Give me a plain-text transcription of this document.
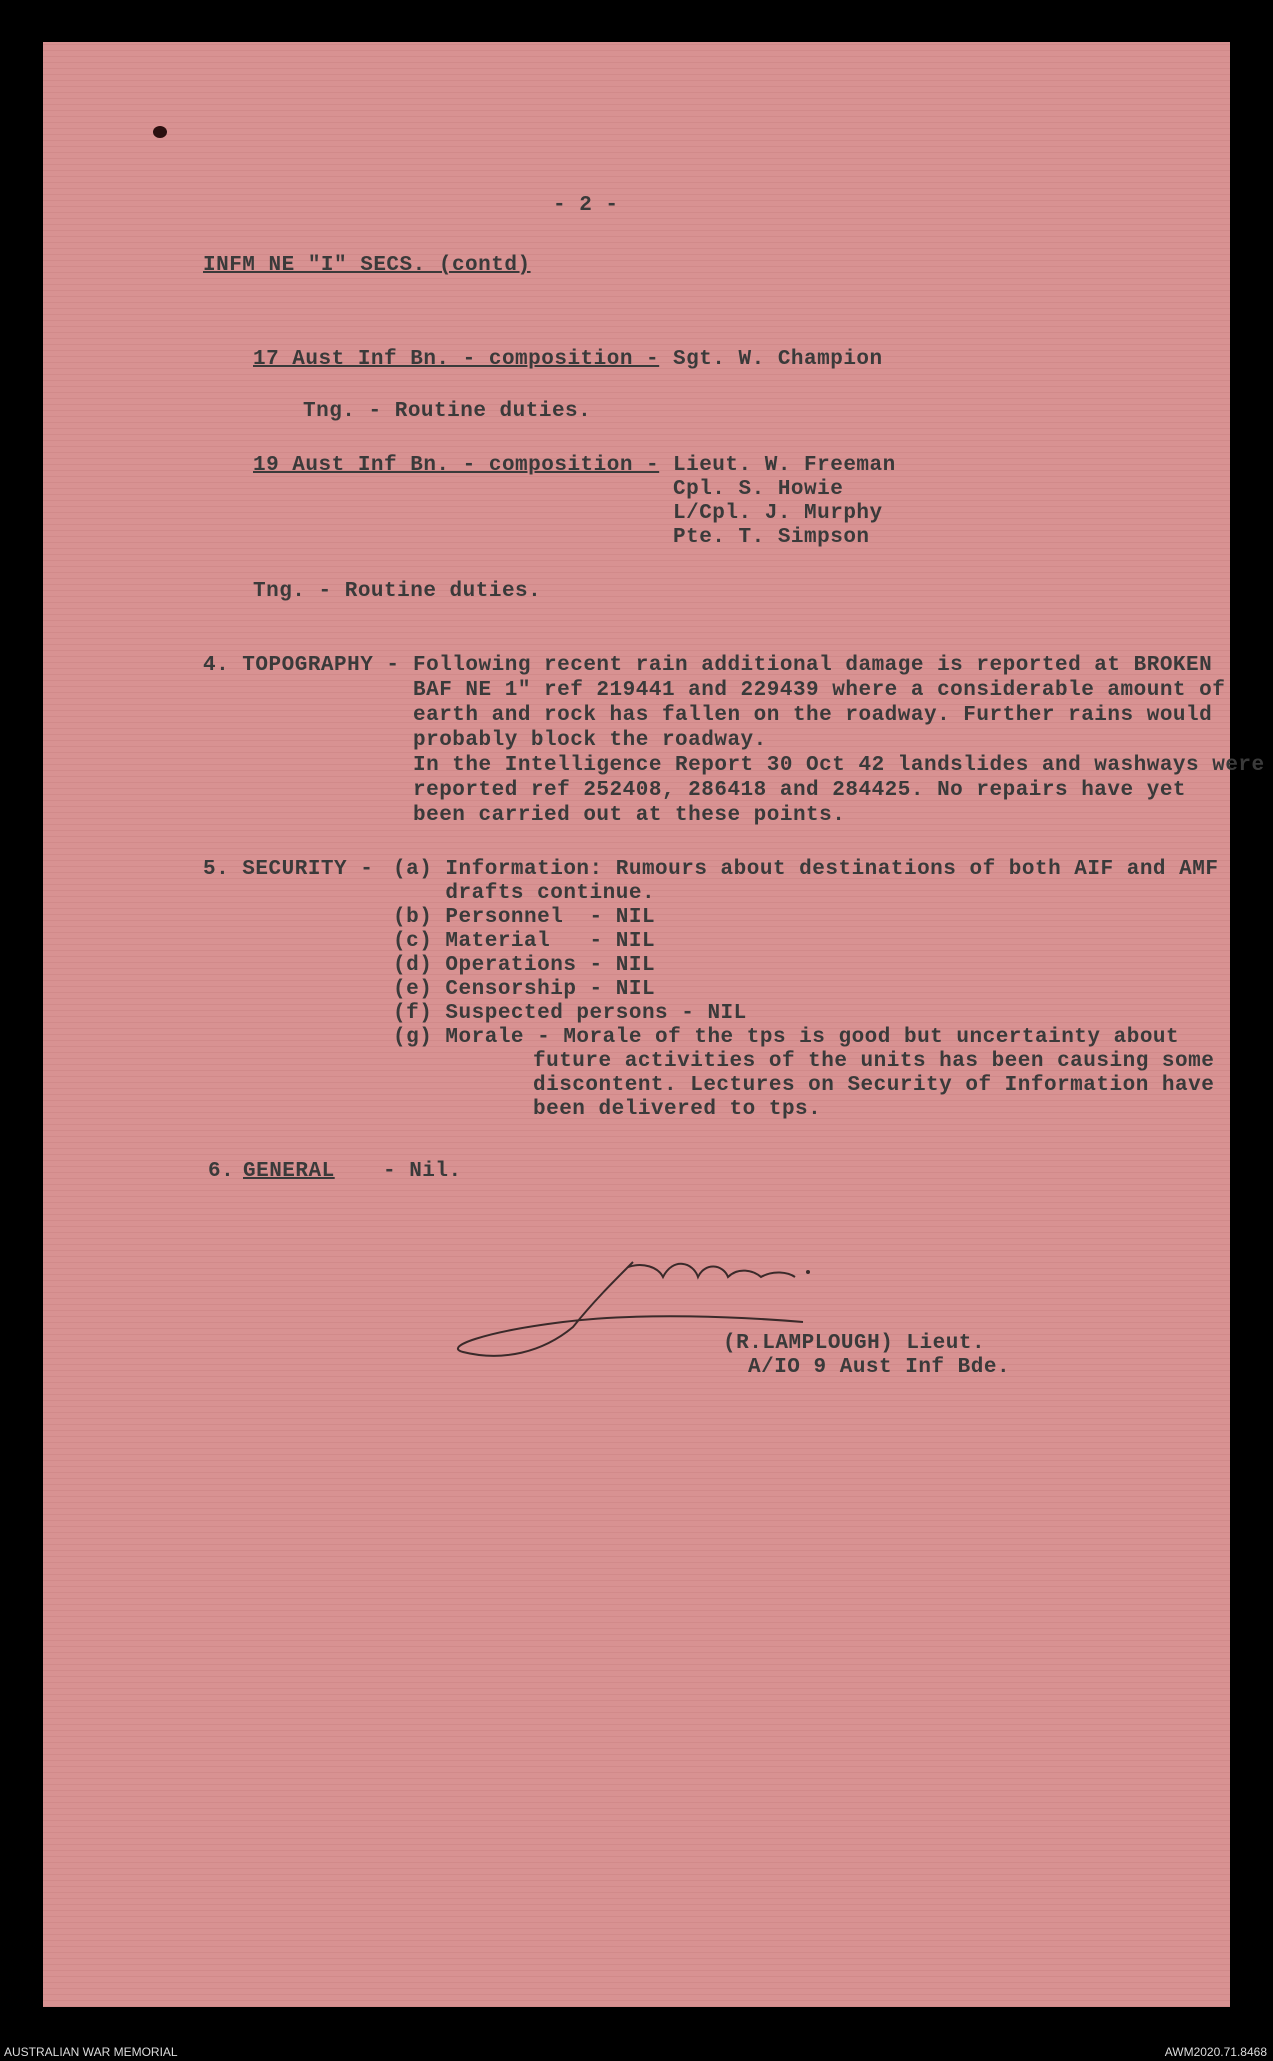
- 2 -
INFM NE "I" SECS. (contd)
17 Aust Inf Bn. - composition - Sgt. W. Champion
Tng. - Routine duties.
19 Aust Inf Bn. - composition - Lieut. W. Freeman
Cpl. S. Howie
L/Cpl. J. Murphy
Pte. T. Simpson
Tng. - Routine duties.
4. TOPOGRAPHY - Following recent rain additional damage is reported at BROKEN
BAF NE 1" ref 219441 and 229439 where a considerable amount of
earth and rock has fallen on the roadway. Further rains would
probably block the roadway.
In the Intelligence Report 30 Oct 42 landslides and washways were
reported ref 252408, 286418 and 284425. No repairs have yet
been carried out at these points.
5. SECURITY - (a) Information: Rumours about destinations of both AIF and AMF
drafts continue.
(b) Personnel  - NIL
(c) Material   - NIL
(d) Operations - NIL
(e) Censorship - NIL
(f) Suspected persons - NIL
(g) Morale - Morale of the tps is good but uncertainty about
future activities of the units has been causing some
discontent. Lectures on Security of Information have
been delivered to tps.
6. GENERAL - Nil.
(R.LAMPLOUGH) Lieut.
A/IO 9 Aust Inf Bde.
AUSTRALIAN WAR MEMORIAL	AWM2020.71.8468
